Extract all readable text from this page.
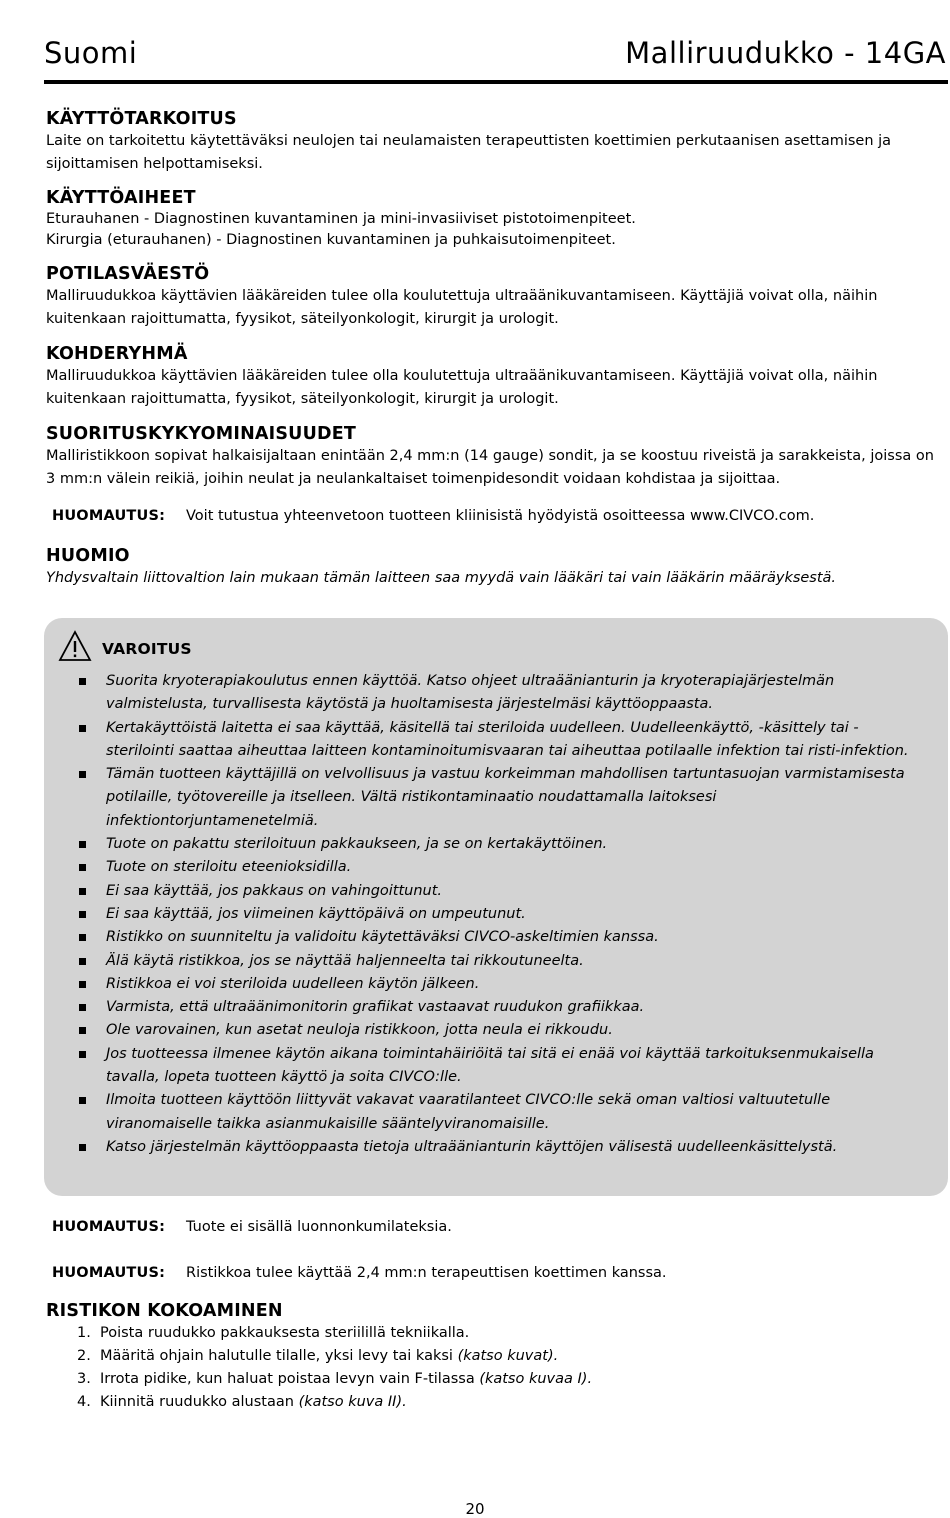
Suomi	Malliruudukko - 14GA
KÄYTTÖTARKOITUS

Laite on tarkoitettu käytettäväksi neulojen tai neulamaisten terapeuttisten koettimien perkutaanisen asettamisen ja sijoittamisen helpottamiseksi.

KÄYTTÖAIHEET

Eturauhanen - Diagnostinen kuvantaminen ja mini-invasiiviset pistotoimenpiteet.

Kirurgia (eturauhanen) - Diagnostinen kuvantaminen ja puhkaisutoimenpiteet.

POTILASVÄESTÖ

Malliruudukkoa käyttävien lääkäreiden tulee olla koulutettuja ultraäänikuvantamiseen. Käyttäjiä voivat olla, näihin kuitenkaan rajoittumatta, fyysikot, säteilyonkologit, kirurgit ja urologit.

KOHDERYHMÄ

Malliruudukkoa käyttävien lääkäreiden tulee olla koulutettuja ultraäänikuvantamiseen. Käyttäjiä voivat olla, näihin kuitenkaan rajoittumatta, fyysikot, säteilyonkologit, kirurgit ja urologit.

SUORITUSKYKYOMINAISUUDET

Malliristikkoon sopivat halkaisijaltaan enintään 2,4 mm:n (14 gauge) sondit, ja se koostuu riveistä ja sarakkeista, joissa on 3 mm:n välein reikiä, joihin neulat ja neulankaltaiset toimenpidesondit voidaan kohdistaa ja sijoittaa.

HUOMAUTUS:	Voit tutustua yhteenvetoon tuotteen kliinisistä hyödyistä osoitteessa www.CIVCO.com.
HUOMIO

Yhdysvaltain liittovaltion lain mukaan tämän laitteen saa myydä vain lääkäri tai vain lääkärin määräyksestä.

VAROITUS
Suorita kryoterapiakoulutus ennen käyttöä. Katso ohjeet ultraäänianturin ja kryoterapiajärjestelmän valmistelusta, turvallisesta käytöstä ja huoltamisesta järjestelmäsi käyttöoppaasta.
Kertakäyttöistä laitetta ei saa käyttää, käsitellä tai steriloida uudelleen. Uudelleenkäyttö, -käsittely tai -sterilointi saattaa aiheuttaa laitteen kontaminoitumisvaaran tai aiheuttaa potilaalle infektion tai risti-infektion.
Tämän tuotteen käyttäjillä on velvollisuus ja vastuu korkeimman mahdollisen tartuntasuojan varmistamisesta potilaille, työtovereille ja itselleen. Vältä ristikontaminaatio noudattamalla laitoksesi infektiontorjuntamenetelmiä.
Tuote on pakattu steriloituun pakkaukseen, ja se on kertakäyttöinen.
Tuote on steriloitu eteenioksidilla.
Ei saa käyttää, jos pakkaus on vahingoittunut.
Ei saa käyttää, jos viimeinen käyttöpäivä on umpeutunut.
Ristikko on suunniteltu ja validoitu käytettäväksi CIVCO-askeltimien kanssa.
Älä käytä ristikkoa, jos se näyttää haljenneelta tai rikkoutuneelta.
Ristikkoa ei voi steriloida uudelleen käytön jälkeen.
Varmista, että ultraäänimonitorin grafiikat vastaavat ruudukon grafiikkaa.
Ole varovainen, kun asetat neuloja ristikkoon, jotta neula ei rikkoudu.
Jos tuotteessa ilmenee käytön aikana toimintahäiriöitä tai sitä ei enää voi käyttää tarkoituksenmukaisella tavalla, lopeta tuotteen käyttö ja soita CIVCO:lle.
Ilmoita tuotteen käyttöön liittyvät vakavat vaaratilanteet CIVCO:lle sekä oman valtiosi valtuutetulle viranomaiselle taikka asianmukaisille sääntelyviranomaisille.
Katso järjestelmän käyttöoppaasta tietoja ultraäänianturin käyttöjen välisestä uudelleenkäsittelystä.
HUOMAUTUS:	Tuote ei sisällä luonnonkumilateksia.
HUOMAUTUS:	Ristikkoa tulee käyttää 2,4 mm:n terapeuttisen koettimen kanssa.
RISTIKON KOKOAMINEN
1. Poista ruudukko pakkauksesta steriilillä tekniikalla.
2. Määritä ohjain halutulle tilalle, yksi levy tai kaksi (katso kuvat).
3. Irrota pidike, kun haluat poistaa levyn vain F-tilassa (katso kuvaa I).
4. Kiinnitä ruudukko alustaan (katso kuva II).
20
